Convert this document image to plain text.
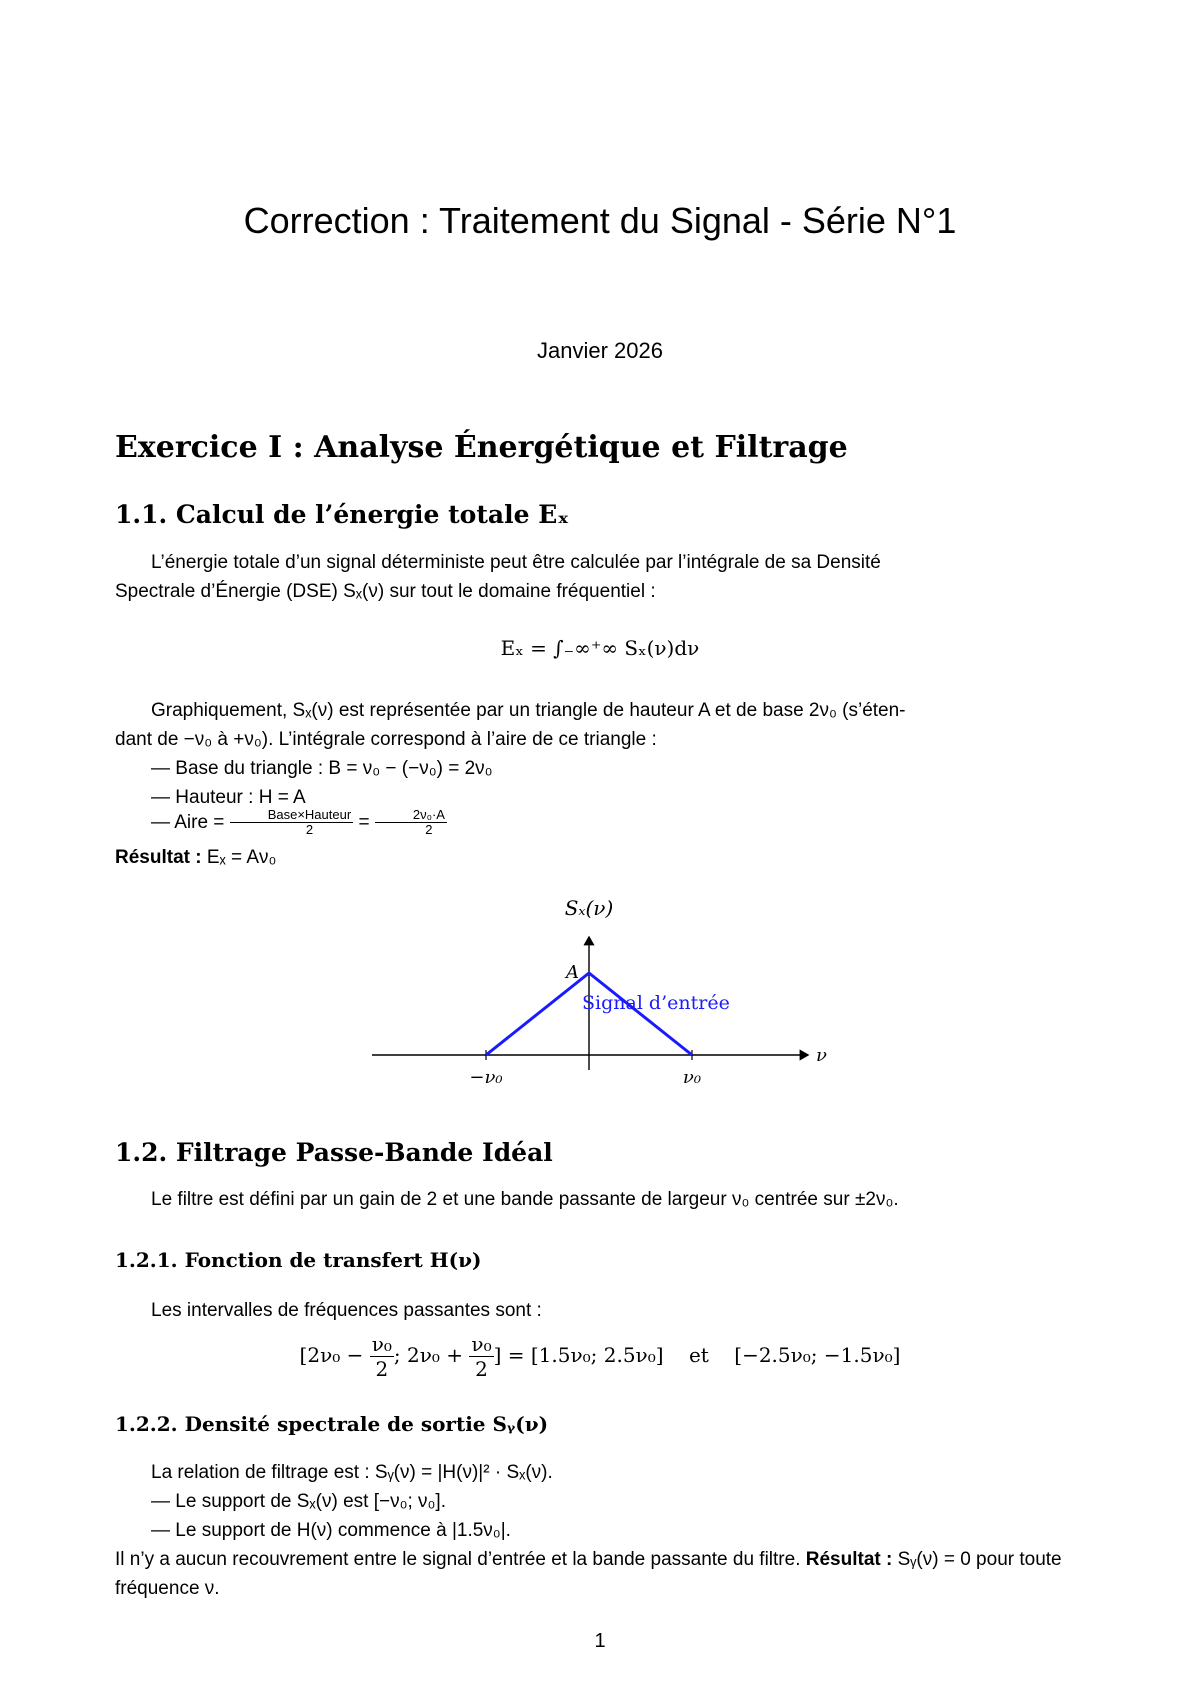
Correction : Traitement du Signal - Série N°1
Janvier 2026
Exercice I : Analyse Énergétique et Filtrage
1.1. Calcul de l’énergie totale Eₓ
L’énergie totale d’un signal déterministe peut être calculée par l’intégrale de sa Densité
Spectrale d’Énergie (DSE) Sₓ(ν) sur tout le domaine fréquentiel :
Eₓ = ∫₋∞⁺∞ Sₓ(ν)dν
Graphiquement, Sₓ(ν) est représentée par un triangle de hauteur A et de base 2ν₀ (s’éten-
dant de −ν₀ à +ν₀). L’intégrale correspond à l’aire de ce triangle :
— Base du triangle : B = ν₀ − (−ν₀) = 2ν₀
— Hauteur : H = A
— Aire = $\frac{\text{Base×Hauteur}}{2} = \frac{\text{2ν₀·A}}{2}$
Résultat : Eₓ = Aν₀
Sₓ(ν)
ν
A
−ν₀	ν₀
Signal d’entrée
1.2. Filtrage Passe-Bande Idéal
Le filtre est défini par un gain de 2 et une bande passante de largeur ν₀ centrée sur ±2ν₀.
1.2.1. Fonction de transfert H(ν)
Les intervalles de fréquences passantes sont :
[$2\nu_0 - \frac{\text{ν₀}}{2}$ ; $2\nu_0 + \frac{\text{ν₀}}{2}$ ] = [1.5ν₀; 2.5ν₀]    et    [−2.5ν₀; −1.5ν₀]
1.2.2. Densité spectrale de sortie Sᵧ(ν)
La relation de filtrage est : Sᵧ(ν) = |H(ν)|² · Sₓ(ν).
— Le support de Sₓ(ν) est [−ν₀; ν₀].
— Le support de H(ν) commence à |1.5ν₀|.
Il n’y a aucun recouvrement entre le signal d’entrée et la bande passante du filtre. Résultat : Sᵧ(ν) = 0 pour toute fréquence ν.
1
